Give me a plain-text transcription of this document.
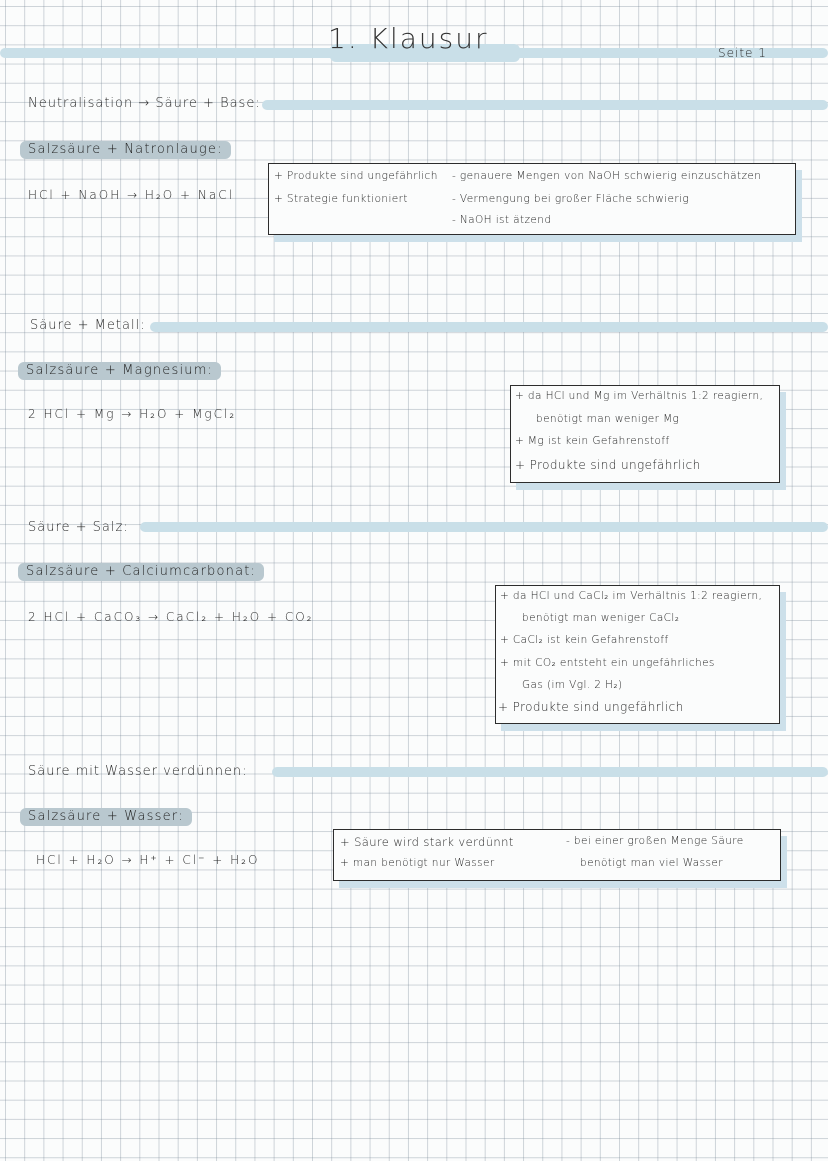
1. Klausur	Seite 1
Neutralisation → Säure + Base:
Salzsäure + Natronlauge:
HCl + NaOH → H₂O + NaCl
+ Produkte sind ungefährlich
+ Strategie funktioniert
- genauere Mengen von NaOH schwierig einzuschätzen
- Vermengung bei großer Fläche schwierig
- NaOH ist ätzend
Säure + Metall:
Salzsäure + Magnesium:
2 HCl + Mg → H₂O + MgCl₂
+ da HCl und Mg im Verhältnis 1:2 reagiern,
benötigt man weniger Mg
+ Mg ist kein Gefahrenstoff
+ Produkte sind ungefährlich
Säure + Salz:
Salzsäure + Calciumcarbonat:
2 HCl + CaCO₃ → CaCl₂ + H₂O + CO₂
+ da HCl und CaCl₂ im Verhältnis 1:2 reagiern,
benötigt man weniger CaCl₂
+ CaCl₂ ist kein Gefahrenstoff
+ mit CO₂ entsteht ein ungefährliches
Gas (im Vgl. 2 H₂)
+ Produkte sind ungefährlich
Säure mit Wasser verdünnen:
Salzsäure + Wasser:
HCl + H₂O → H⁺ + Cl⁻ + H₂O
+ Säure wird stark verdünnt
+ man benötigt nur Wasser
- bei einer großen Menge Säure
benötigt man viel Wasser
